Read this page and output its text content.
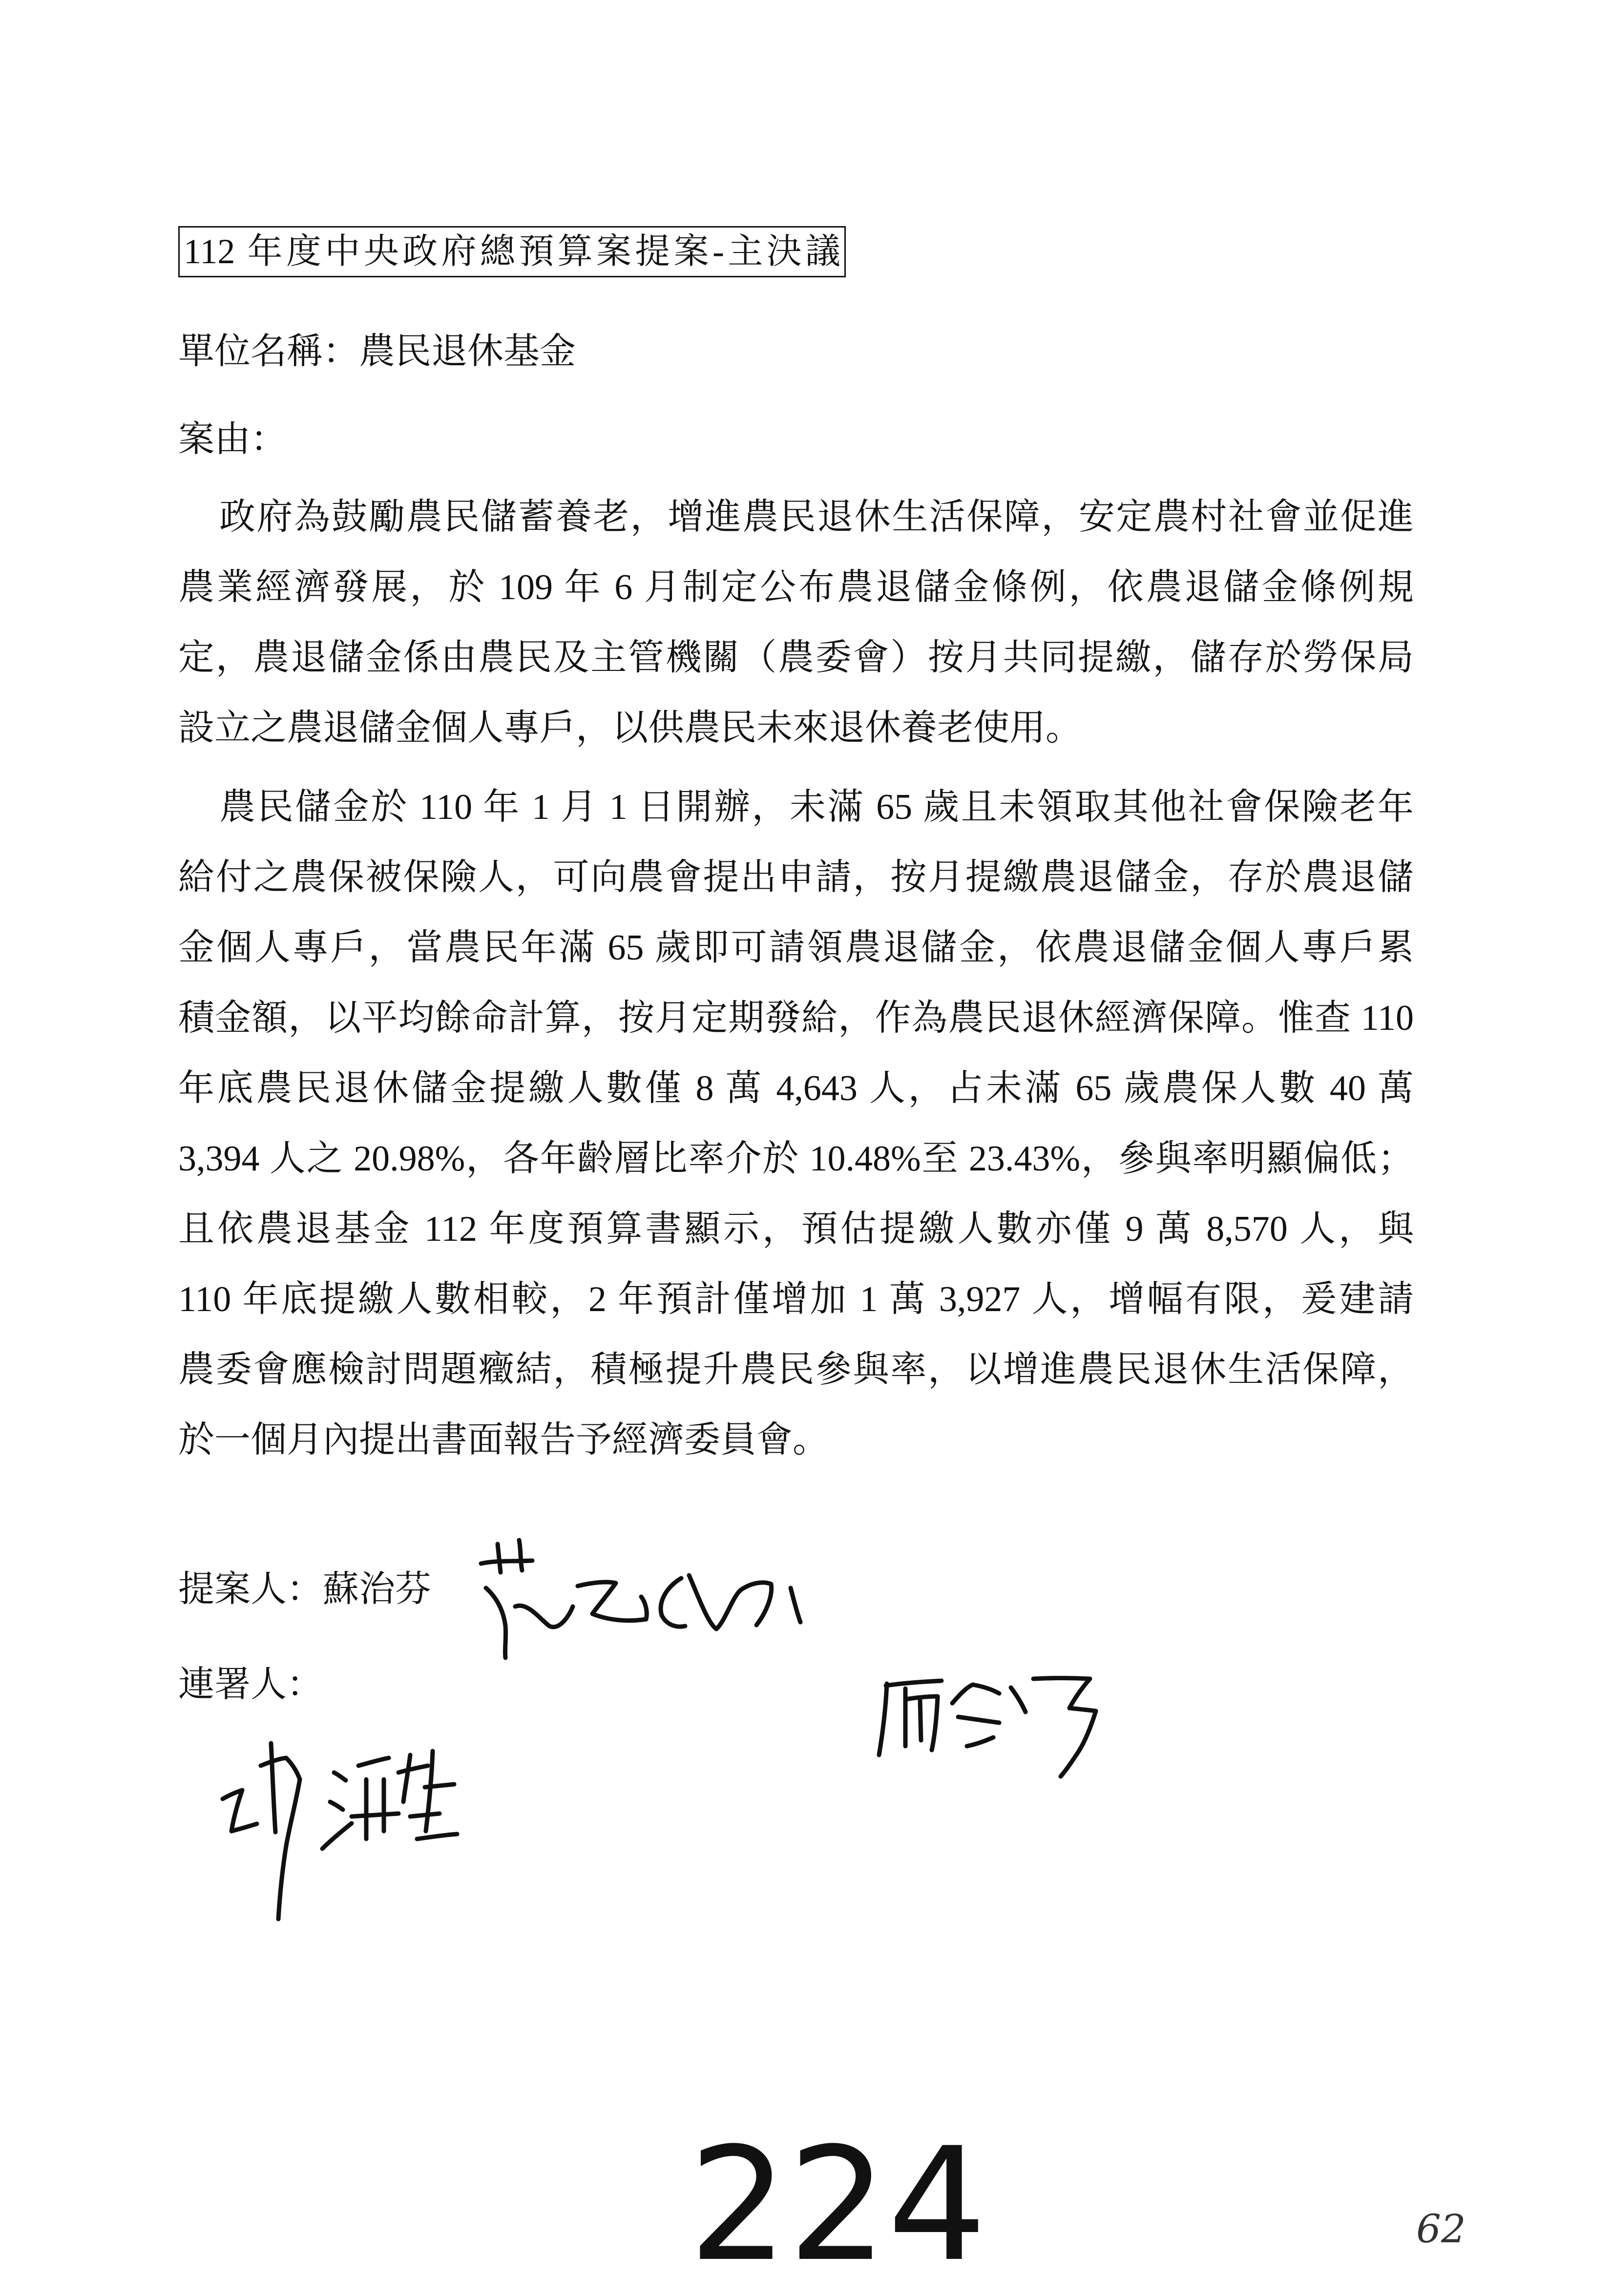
112 年度中央政府總預算案提案-主決議
單位名稱：農民退休基金
案由：
政府為鼓勵農民儲蓄養老，增進農民退休生活保障，安定農村社會並促進
農業經濟發展，於 109 年 6 月制定公布農退儲金條例，依農退儲金條例規
定，農退儲金係由農民及主管機關（農委會）按月共同提繳，儲存於勞保局
設立之農退儲金個人專戶，以供農民未來退休養老使用。
農民儲金於 110 年 1 月 1 日開辦，未滿 65 歲且未領取其他社會保險老年
給付之農保被保險人，可向農會提出申請，按月提繳農退儲金，存於農退儲
金個人專戶，當農民年滿 65 歲即可請領農退儲金，依農退儲金個人專戶累
積金額，以平均餘命計算，按月定期發給，作為農民退休經濟保障。惟查 110
年底農民退休儲金提繳人數僅 8 萬 4,643 人，占未滿 65 歲農保人數 40 萬
3,394 人之 20.98%，各年齡層比率介於 10.48%至 23.43%，參與率明顯偏低；
且依農退基金 112 年度預算書顯示，預估提繳人數亦僅 9 萬 8,570 人，與
110 年底提繳人數相較，2 年預計僅增加 1 萬 3,927 人，增幅有限，爰建請
農委會應檢討問題癥結，積極提升農民參與率，以增進農民退休生活保障，
於一個月內提出書面報告予經濟委員會。
提案人：蘇治芬
連署人：
224	62
